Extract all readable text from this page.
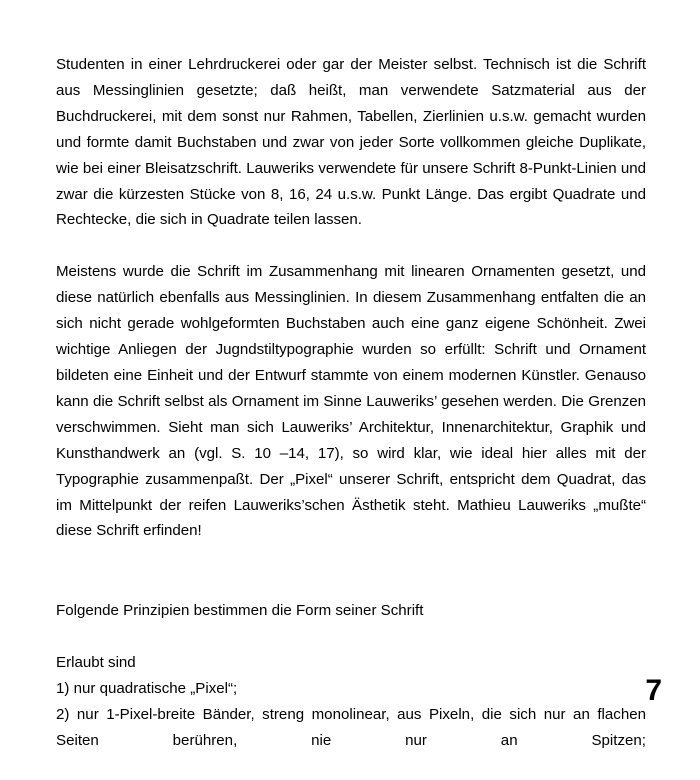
Studenten in einer Lehrdruckerei oder gar der Meister selbst. Technisch ist die Schrift aus Messinglinien gesetzte; daß heißt, man verwendete Satzmaterial aus der Buchdruckerei, mit dem sonst nur Rahmen, Tabellen, Zierlinien u.s.w. gemacht wurden und formte damit Buchstaben und zwar von jeder Sorte vollkommen gleiche Duplikate, wie bei einer Bleisatzschrift. Lauweriks verwendete für unsere Schrift 8-Punkt-Linien und zwar die kürzesten Stücke von 8, 16, 24 u.s.w. Punkt Länge. Das ergibt Quadrate und Rechtecke, die sich in Quadrate teilen lassen.

Meistens wurde die Schrift im Zusammenhang mit linearen Ornamenten gesetzt, und diese natürlich ebenfalls aus Messinglinien. In diesem Zusammenhang entfalten die an sich nicht gerade wohlgeformten Buchstaben auch eine ganz eigene Schönheit. Zwei wichtige Anliegen der Jugndstiltypographie wurden so erfüllt: Schrift und Ornament bildeten eine Einheit und der Entwurf stammte von einem modernen Künstler. Genauso kann die Schrift selbst als Ornament im Sinne Lauweriks’ gesehen werden. Die Grenzen verschwimmen. Sieht man sich Lauweriks’ Architektur, Innenarchitektur, Graphik und Kunsthandwerk an (vgl. S. 10 –14, 17), so wird klar, wie ideal hier alles mit der Typographie zusammenpaßt. Der „Pixel“ unserer Schrift, entspricht dem Quadrat, das im Mittelpunkt der reifen Lauweriks’schen Ästhetik steht. Mathieu Lauweriks „mußte“ diese Schrift erfinden!

Folgende Prinzipien bestimmen die Form seiner Schrift

Erlaubt sind

1) nur quadratische „Pixel“;

2) nur 1-Pixel-breite Bänder, streng monolinear, aus Pixeln, die sich nur an flachen Seiten berühren, nie nur an Spitzen;

7
